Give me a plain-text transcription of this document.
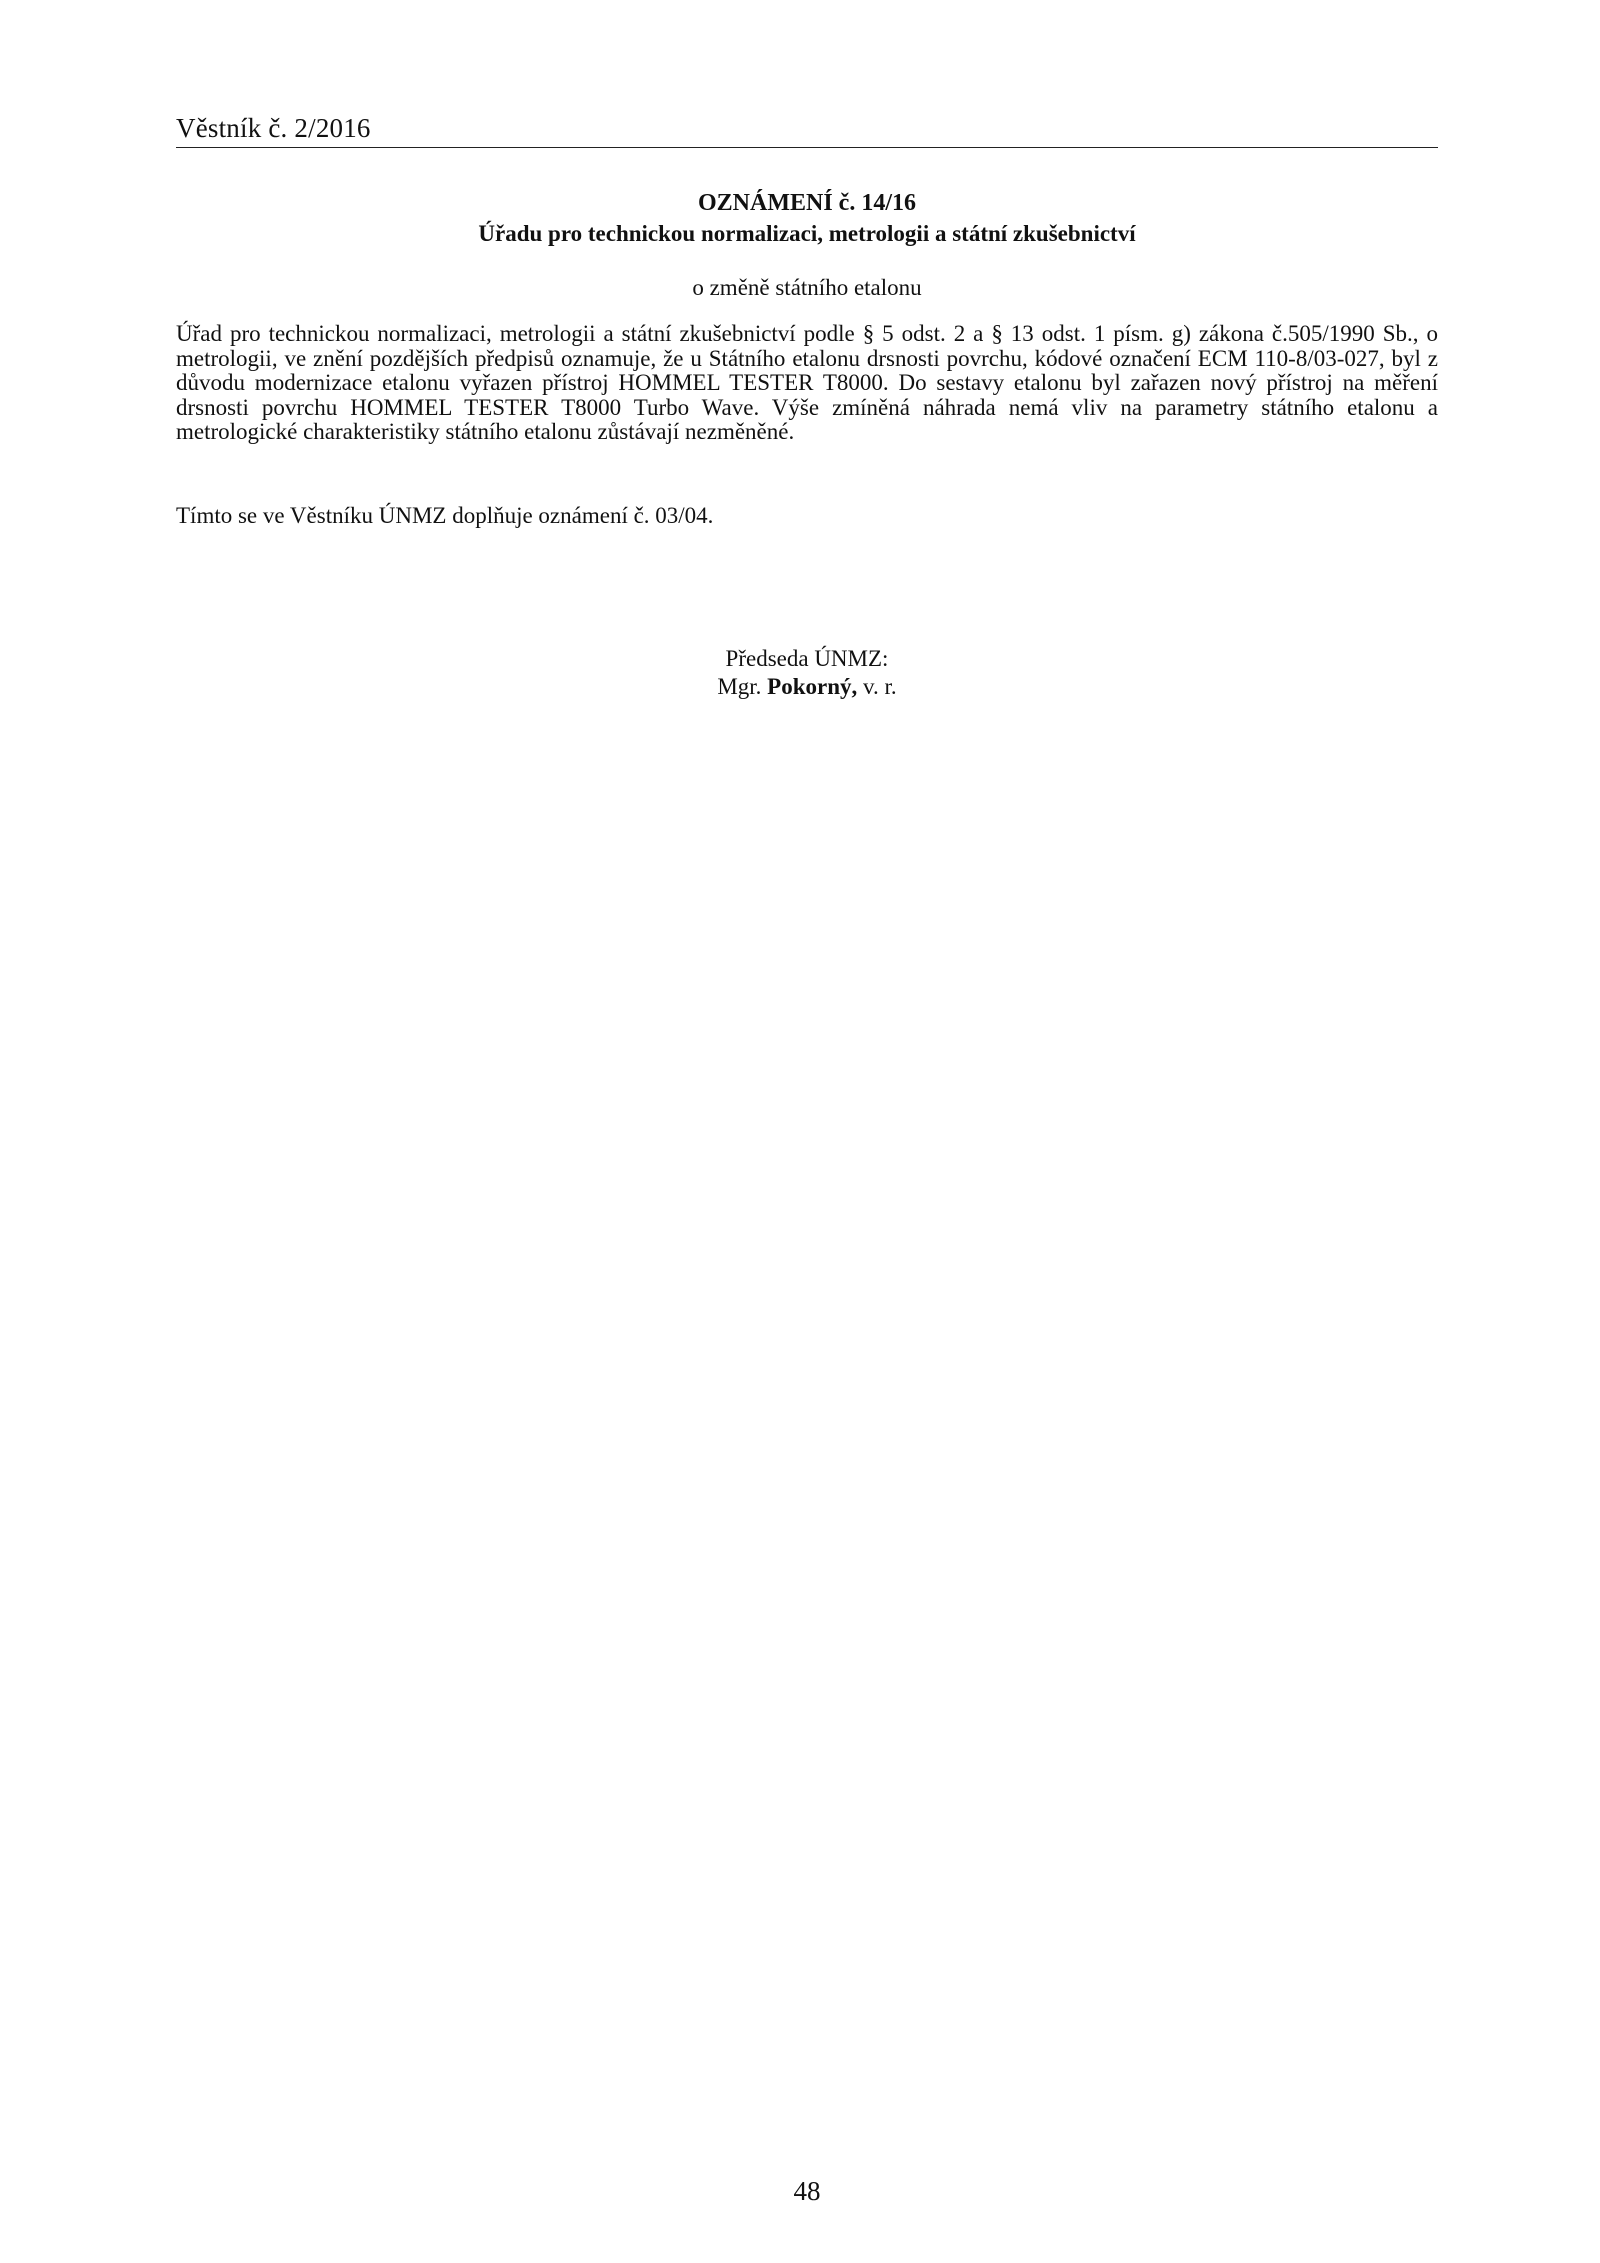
Věstník č. 2/2016
OZNÁMENÍ č. 14/16
Úřadu pro technickou normalizaci, metrologii a státní zkušebnictví
o změně státního etalonu

Úřad pro technickou normalizaci, metrologii a státní zkušebnictví podle § 5 odst. 2 a § 13 odst. 1 písm. g) zákona č.505/1990 Sb., o metrologii, ve znění pozdějších předpisů oznamuje, že u Státního etalonu drsnosti povrchu, kódové označení ECM 110-8/03-027, byl z důvodu modernizace etalonu vyřazen přístroj HOMMEL TESTER T8000. Do sestavy etalonu byl zařazen nový přístroj na měření drsnosti povrchu HOMMEL TESTER T8000 Turbo Wave. Výše zmíněná náhrada nemá vliv na parametry státního etalonu a metrologické charakteristiky státního etalonu zůstávají nezměněné.

Tímto se ve Věstníku ÚNMZ doplňuje oznámení č. 03/04.

Předseda ÚNMZ:
Mgr. Pokorný, v. r.
48
